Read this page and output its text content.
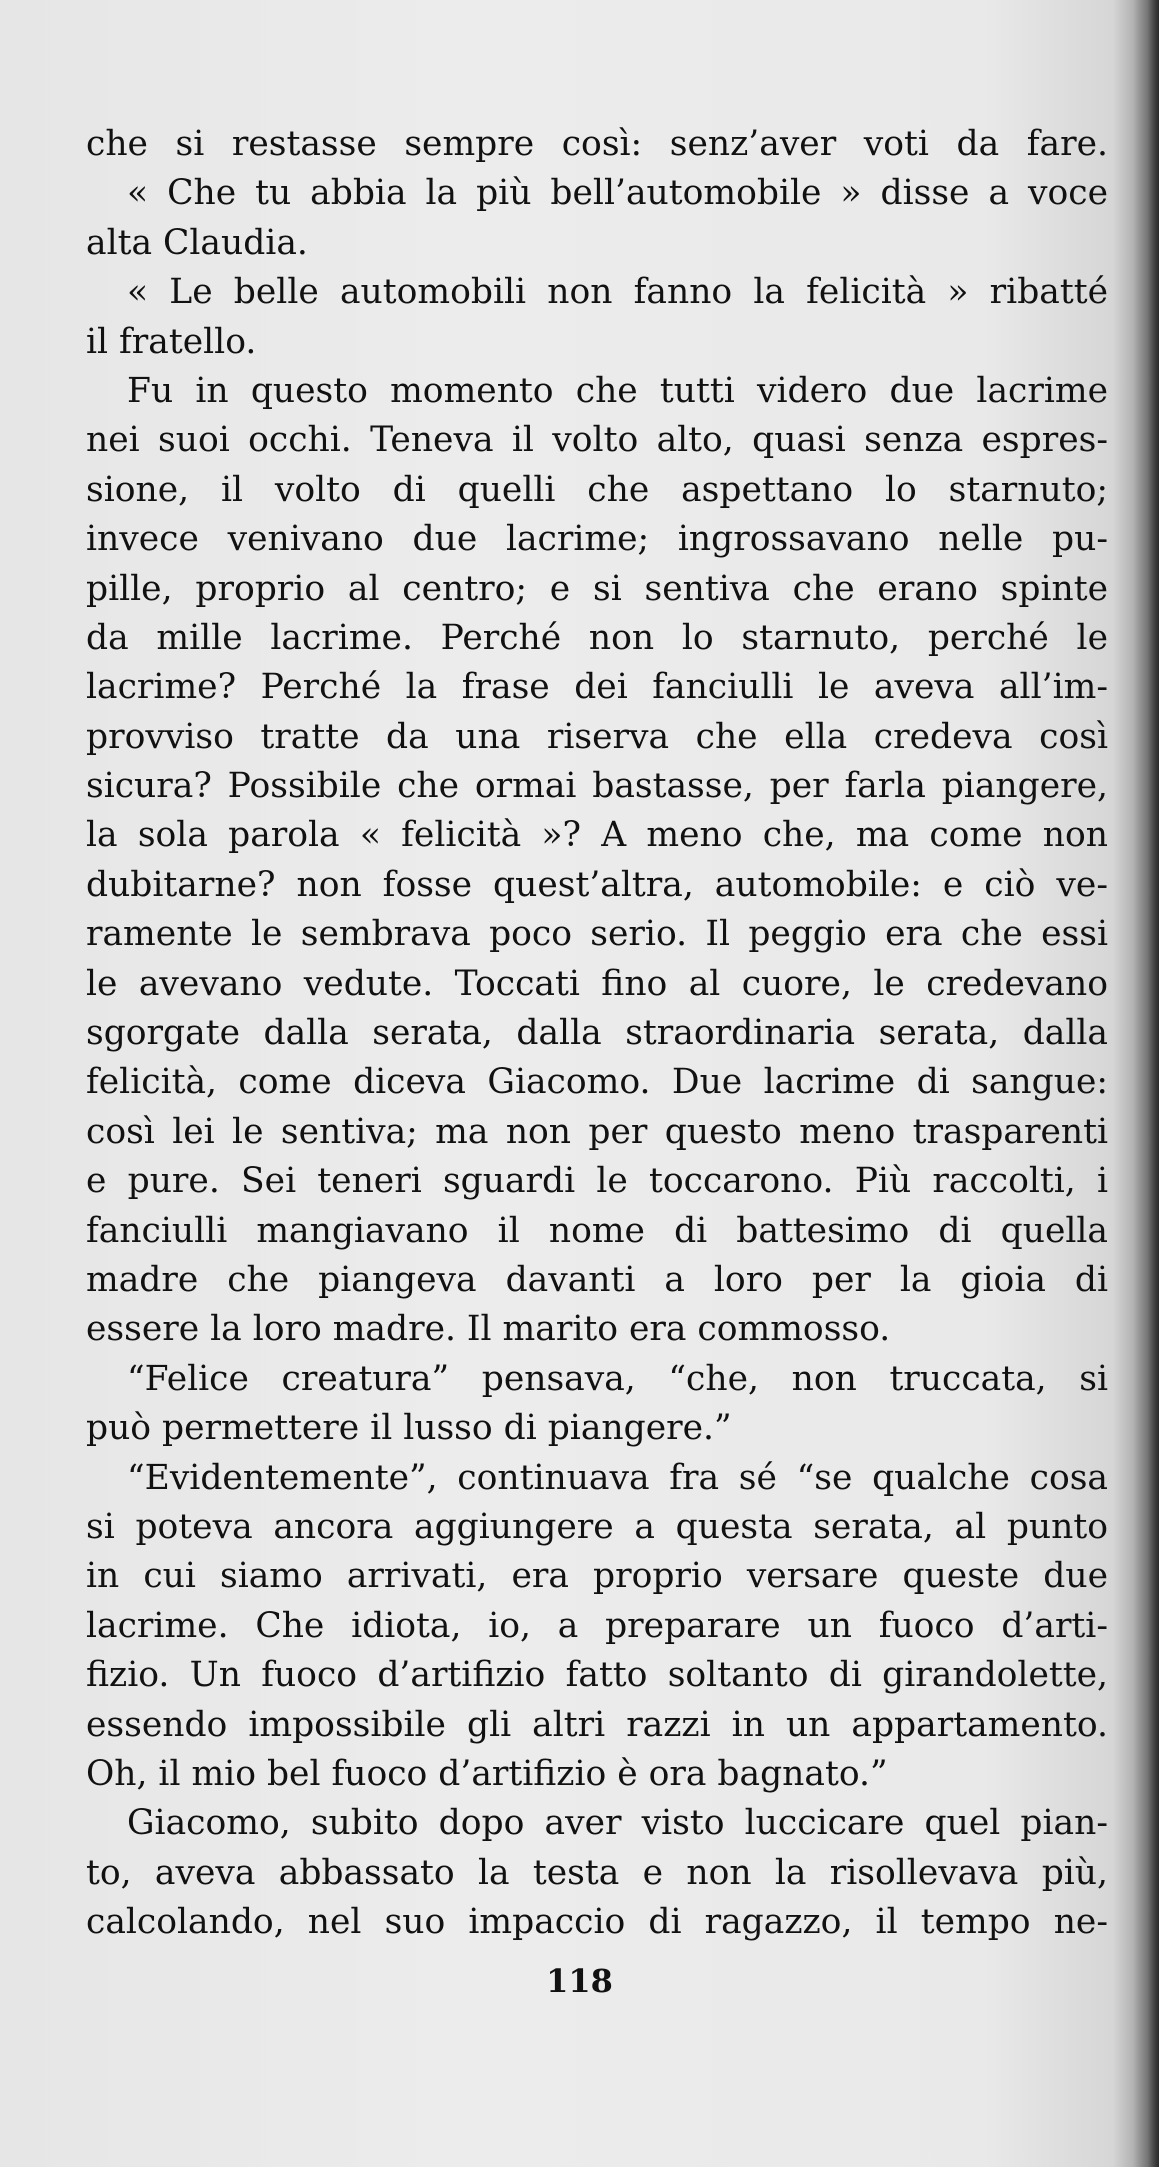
che si restasse sempre così: senz’aver voti da fare.
« Che tu abbia la più bell’automobile » disse a voce
alta Claudia.
« Le belle automobili non fanno la felicità » ribatté
il fratello.
Fu in questo momento che tutti videro due lacrime
nei suoi occhi. Teneva il volto alto, quasi senza espres-
sione, il volto di quelli che aspettano lo starnuto;
invece venivano due lacrime; ingrossavano nelle pu-
pille, proprio al centro; e si sentiva che erano spinte
da mille lacrime. Perché non lo starnuto, perché le
lacrime? Perché la frase dei fanciulli le aveva all’im-
provviso tratte da una riserva che ella credeva così
sicura? Possibile che ormai bastasse, per farla piangere,
la sola parola « felicità »? A meno che, ma come non
dubitarne? non fosse quest’altra, automobile: e ciò ve-
ramente le sembrava poco serio. Il peggio era che essi
le avevano vedute. Toccati fino al cuore, le credevano
sgorgate dalla serata, dalla straordinaria serata, dalla
felicità, come diceva Giacomo. Due lacrime di sangue:
così lei le sentiva; ma non per questo meno trasparenti
e pure. Sei teneri sguardi le toccarono. Più raccolti, i
fanciulli mangiavano il nome di battesimo di quella
madre che piangeva davanti a loro per la gioia di
essere la loro madre. Il marito era commosso.
“Felice creatura” pensava, “che, non truccata, si
può permettere il lusso di piangere.”
“Evidentemente”, continuava fra sé “se qualche cosa
si poteva ancora aggiungere a questa serata, al punto
in cui siamo arrivati, era proprio versare queste due
lacrime. Che idiota, io, a preparare un fuoco d’arti-
fizio. Un fuoco d’artifizio fatto soltanto di girandolette,
essendo impossibile gli altri razzi in un appartamento.
Oh, il mio bel fuoco d’artifizio è ora bagnato.”
Giacomo, subito dopo aver visto luccicare quel pian-
to, aveva abbassato la testa e non la risollevava più,
calcolando, nel suo impaccio di ragazzo, il tempo ne-
118
